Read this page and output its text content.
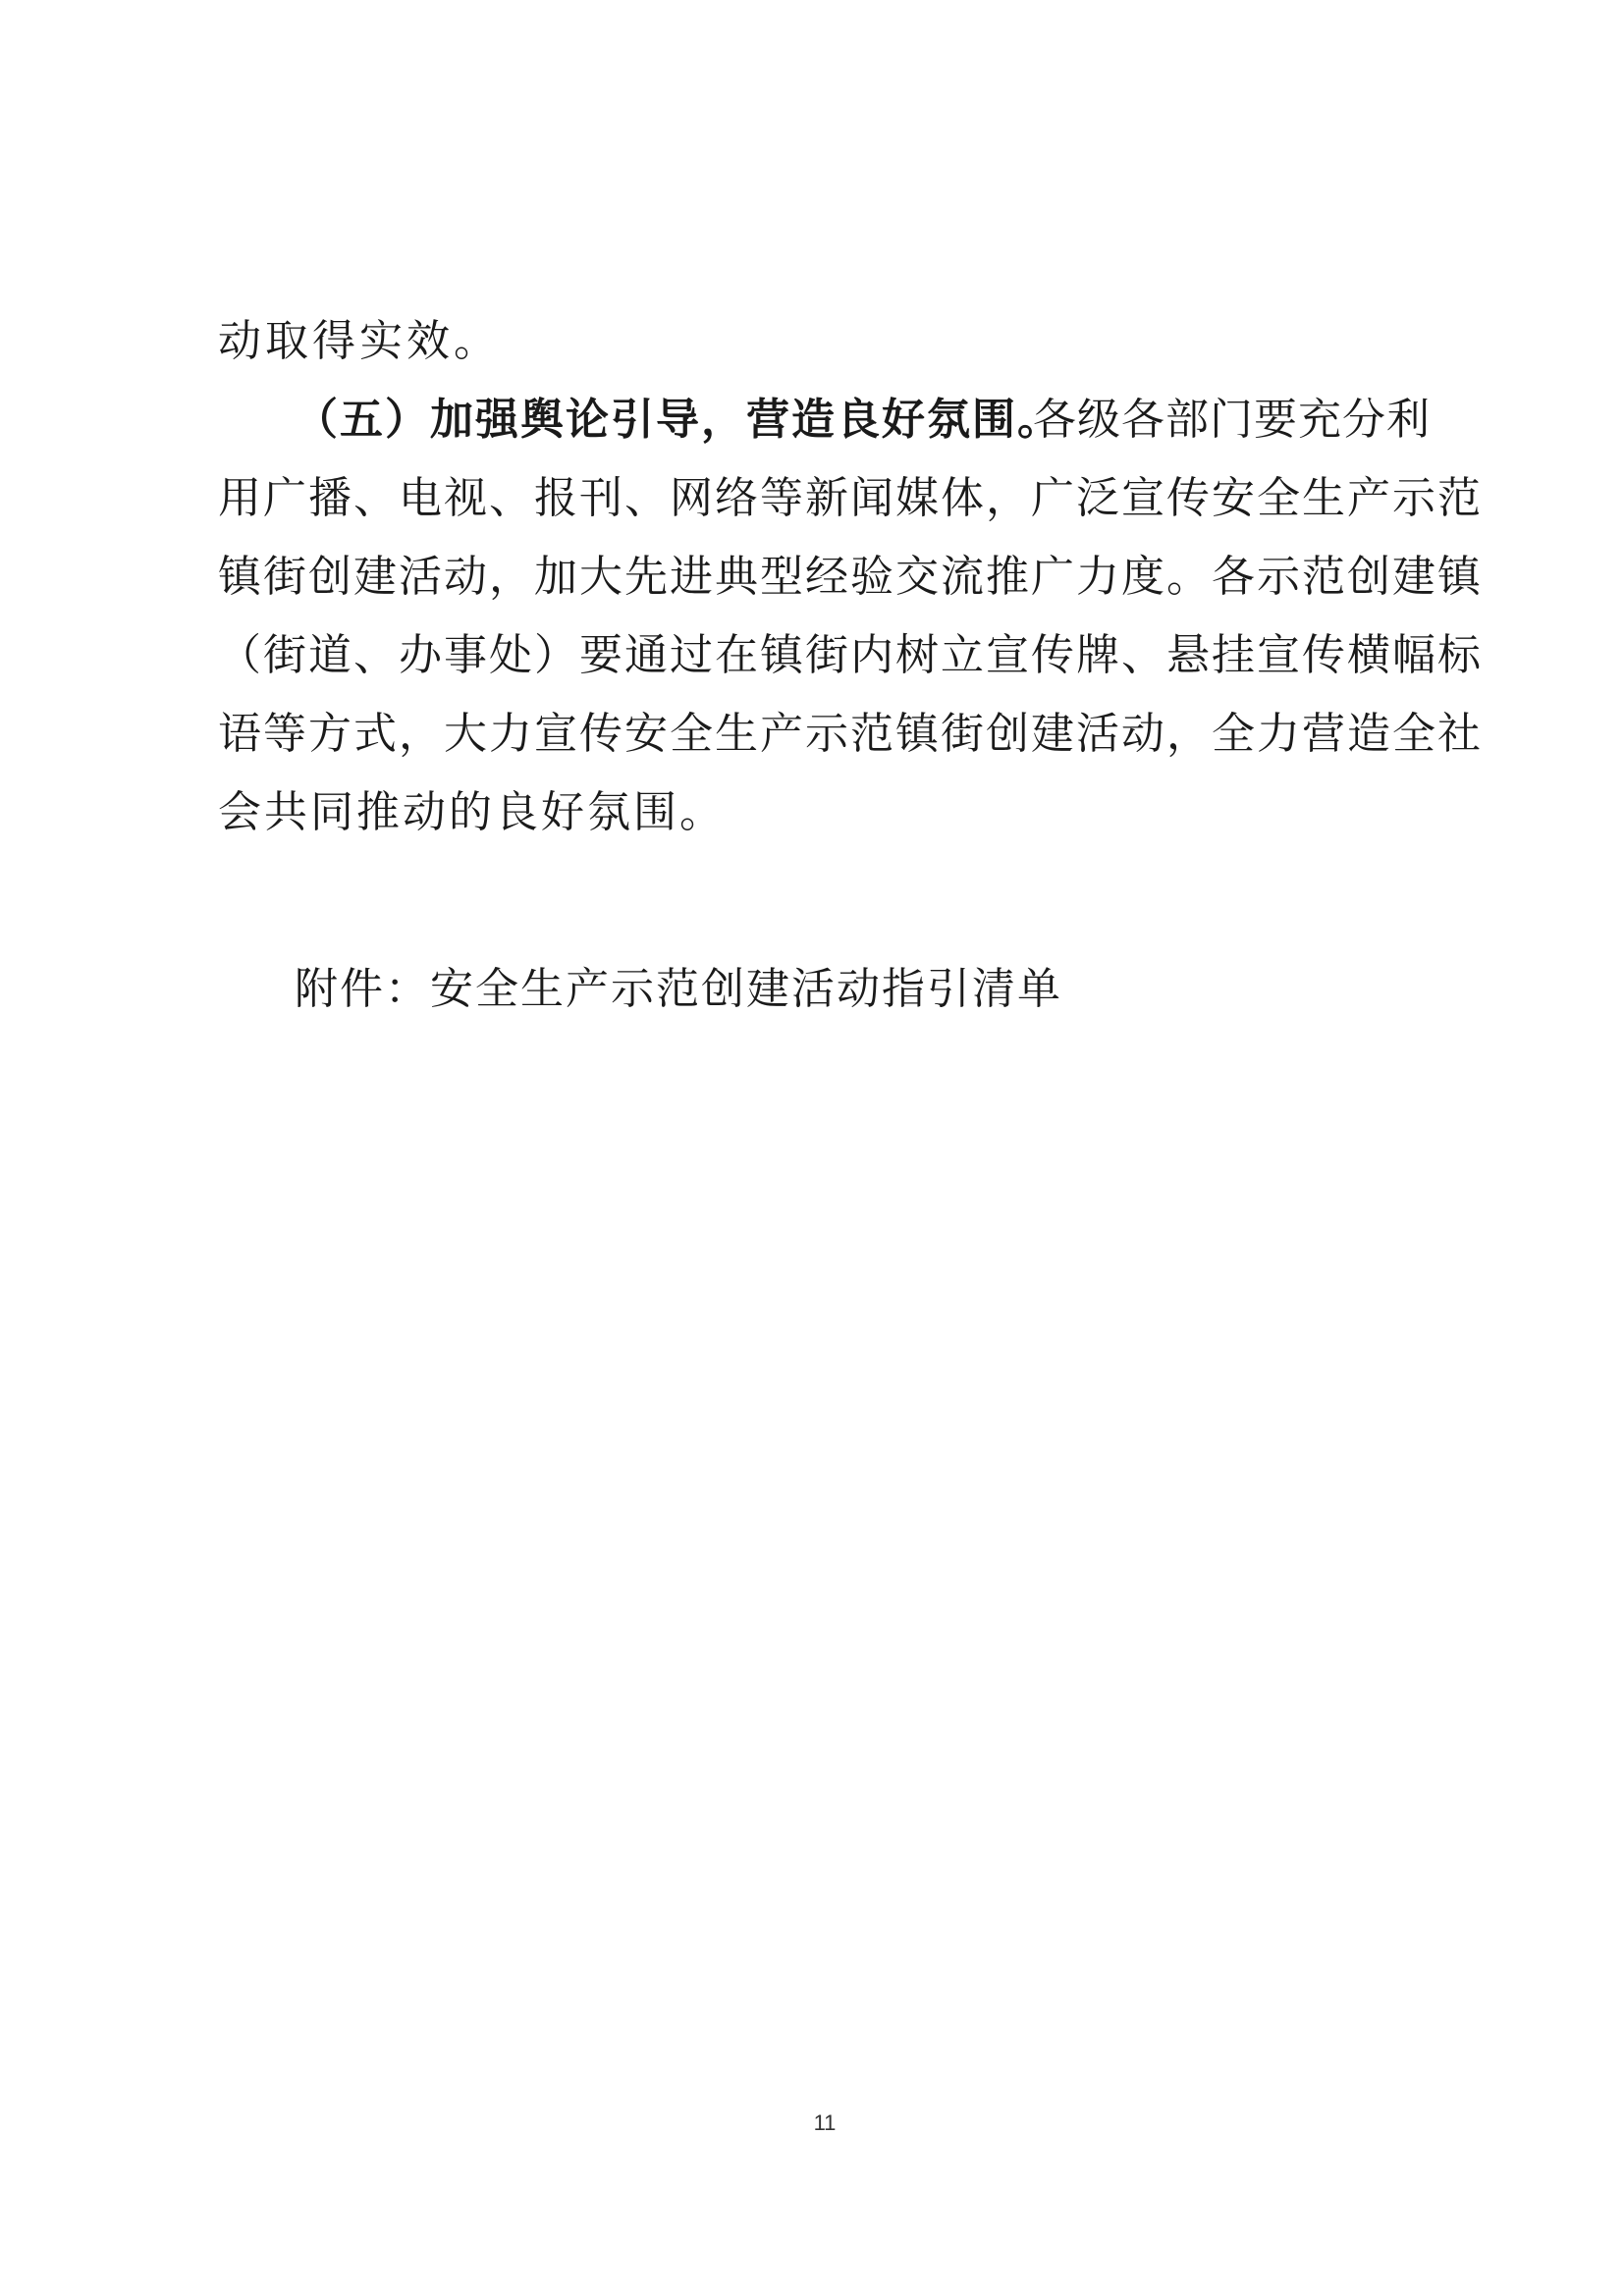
动取得实效。
（五）加强舆论引导，营造良好氛围。
各级各部门要充分利
用广播、电视、报刊、网络等新闻媒体，广泛宣传安全生产示范
镇街创建活动，加大先进典型经验交流推广力度。各示范创建镇
（街道、办事处）要通过在镇街内树立宣传牌、悬挂宣传横幅标
语等方式，大力宣传安全生产示范镇街创建活动，全力营造全社
会共同推动的良好氛围。
附件：安全生产示范创建活动指引清单
11
